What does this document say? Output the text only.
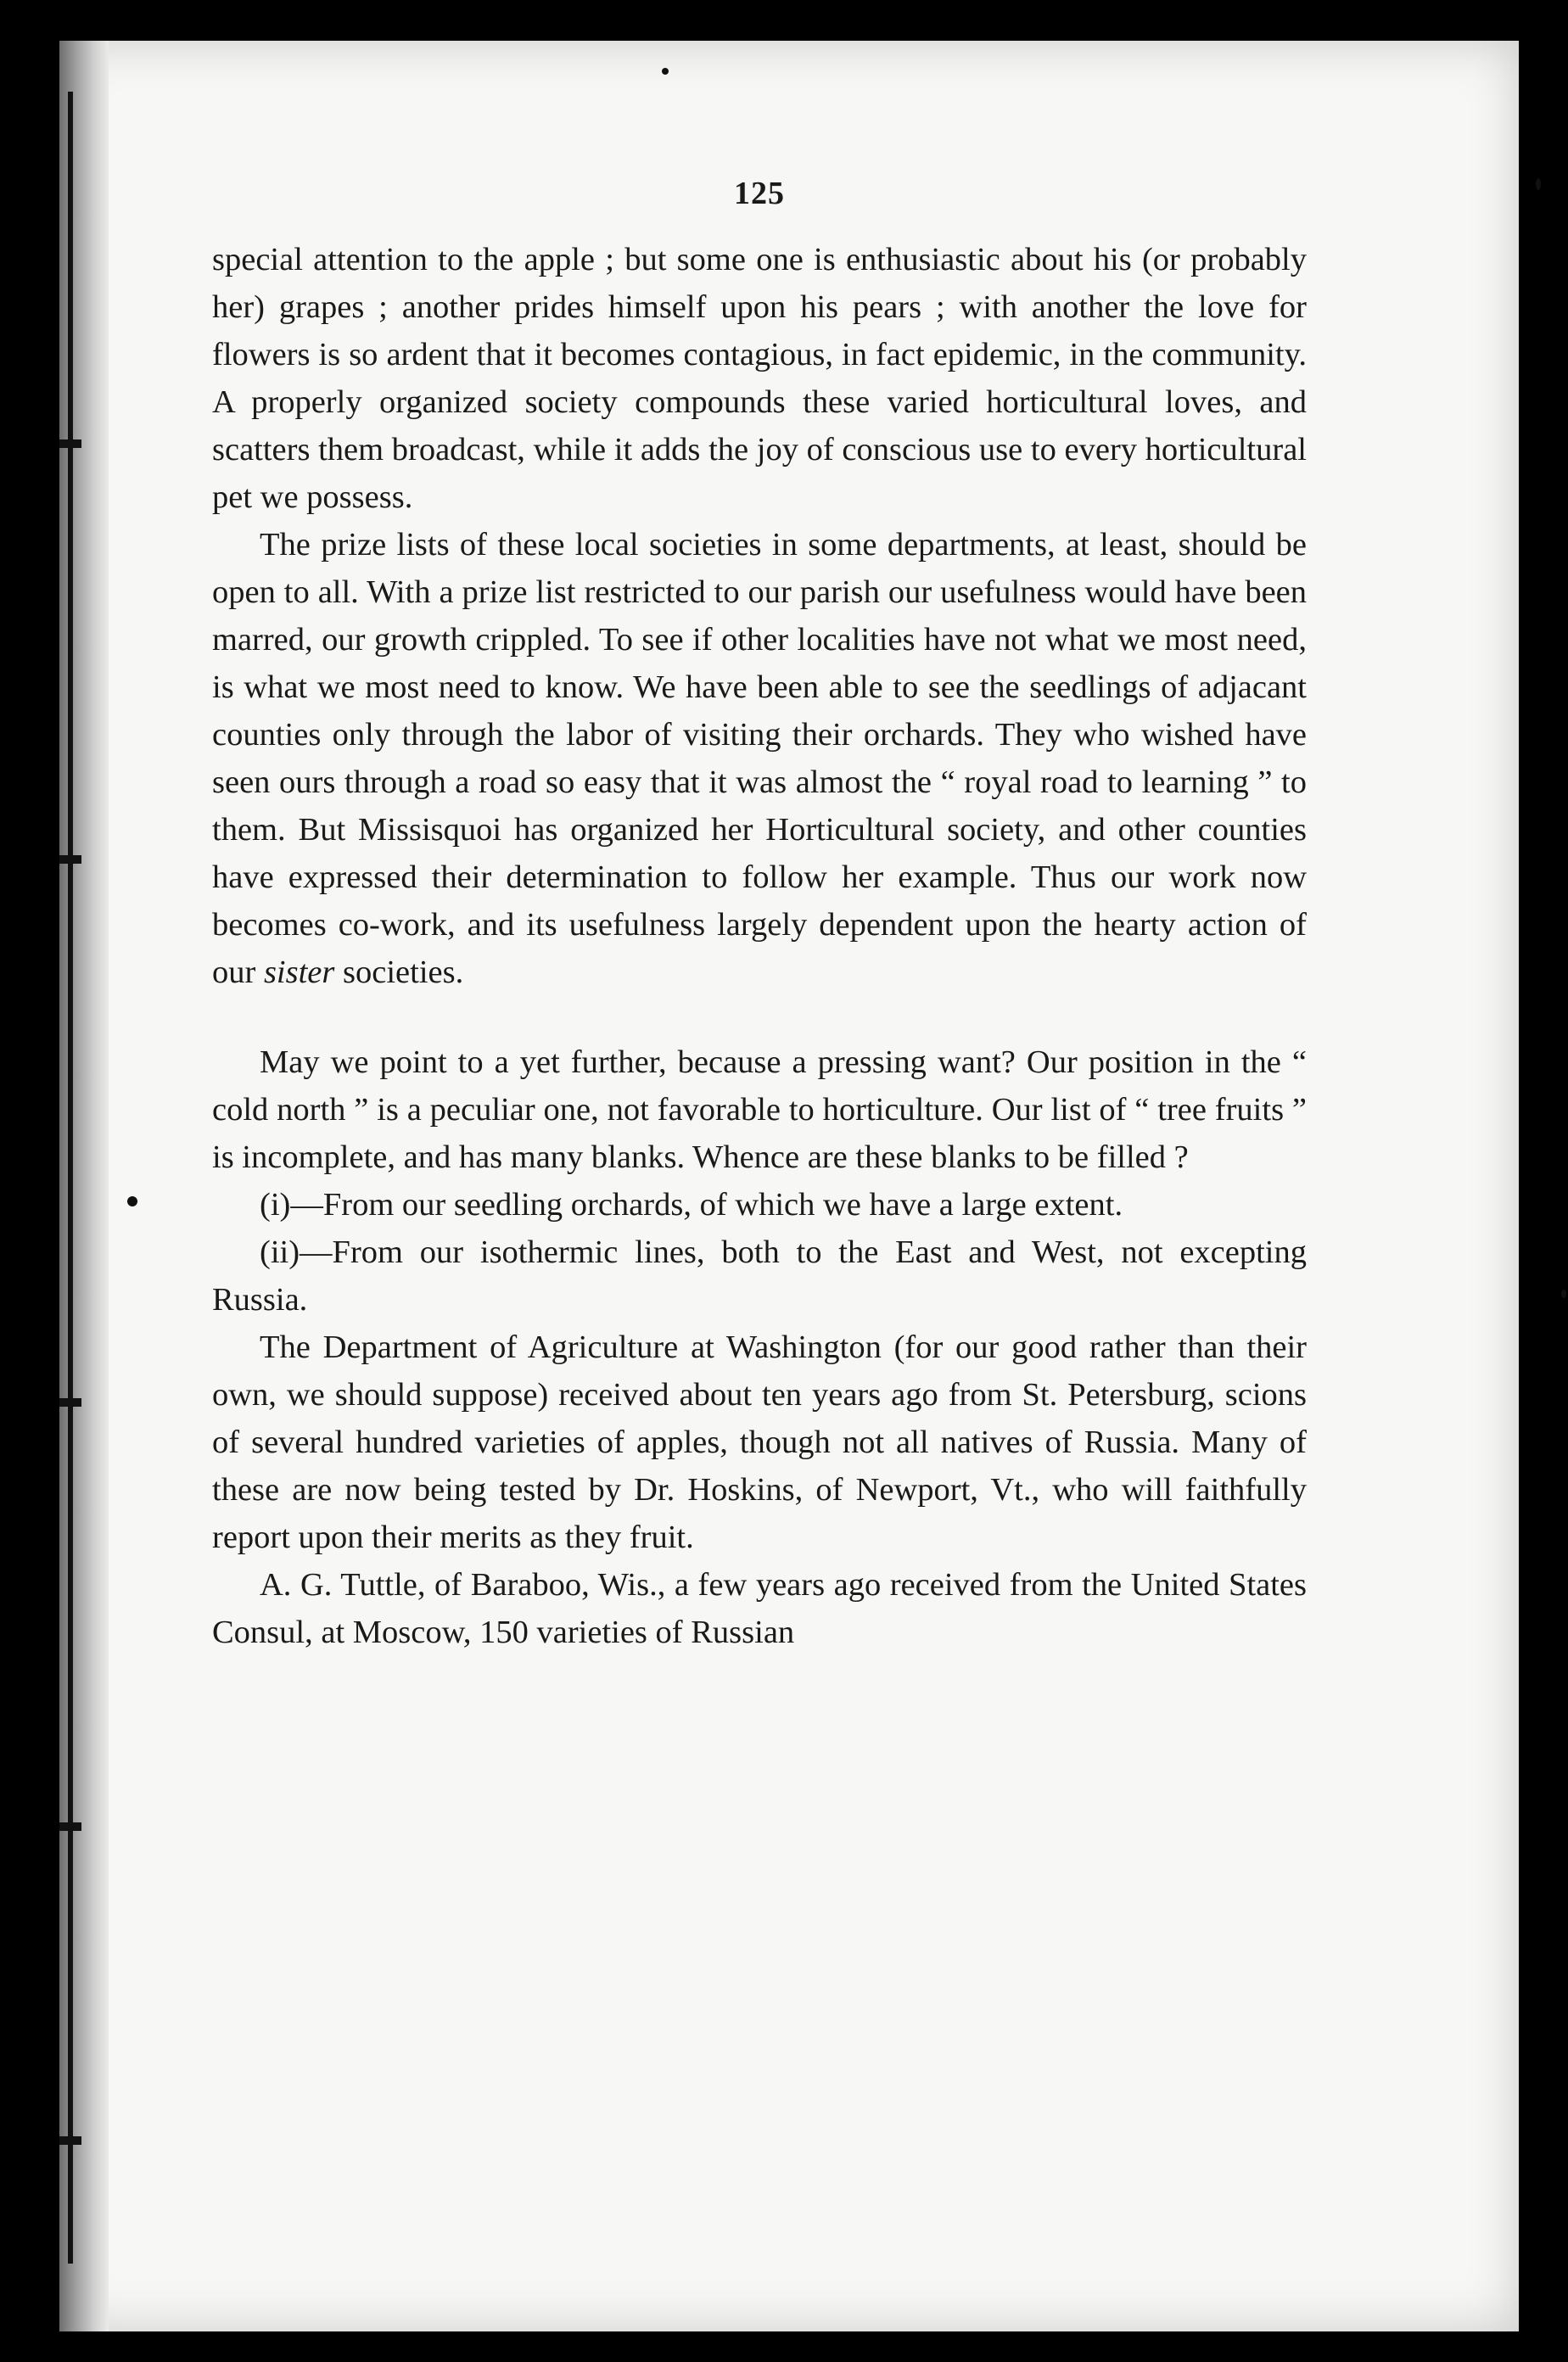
125

special attention to the apple ; but some one is enthusiastic about his (or probably her) grapes ; another prides himself upon his pears ; with another the love for flowers is so ardent that it becomes contagious, in fact epidemic, in the community. A properly organized society compounds these varied horticultural loves, and scatters them broadcast, while it adds the joy of conscious use to every horticultural pet we possess.

The prize lists of these local societies in some departments, at least, should be open to all. With a prize list restricted to our parish our usefulness would have been marred, our growth crippled. To see if other localities have not what we most need, is what we most need to know. We have been able to see the seedlings of adjacant counties only through the labor of visiting their orchards. They who wished have seen ours through a road so easy that it was almost the “ royal road to learning ” to them. But Missisquoi has organized her Horticultural society, and other counties have expressed their determination to follow her example. Thus our work now becomes co-work, and its usefulness largely dependent upon the hearty action of our sister societies.

May we point to a yet further, because a pressing want? Our position in the “ cold north ” is a peculiar one, not favorable to horticulture. Our list of “ tree fruits ” is incomplete, and has many blanks. Whence are these blanks to be filled ?

(i)—From our seedling orchards, of which we have a large extent.

(ii)—From our isothermic lines, both to the East and West, not excepting Russia.

The Department of Agriculture at Washington (for our good rather than their own, we should suppose) received about ten years ago from St. Petersburg, scions of several hundred varieties of apples, though not all natives of Russia. Many of these are now being tested by Dr. Hoskins, of Newport, Vt., who will faithfully report upon their merits as they fruit.

A. G. Tuttle, of Baraboo, Wis., a few years ago received from the United States Consul, at Moscow, 150 varieties of Russian
